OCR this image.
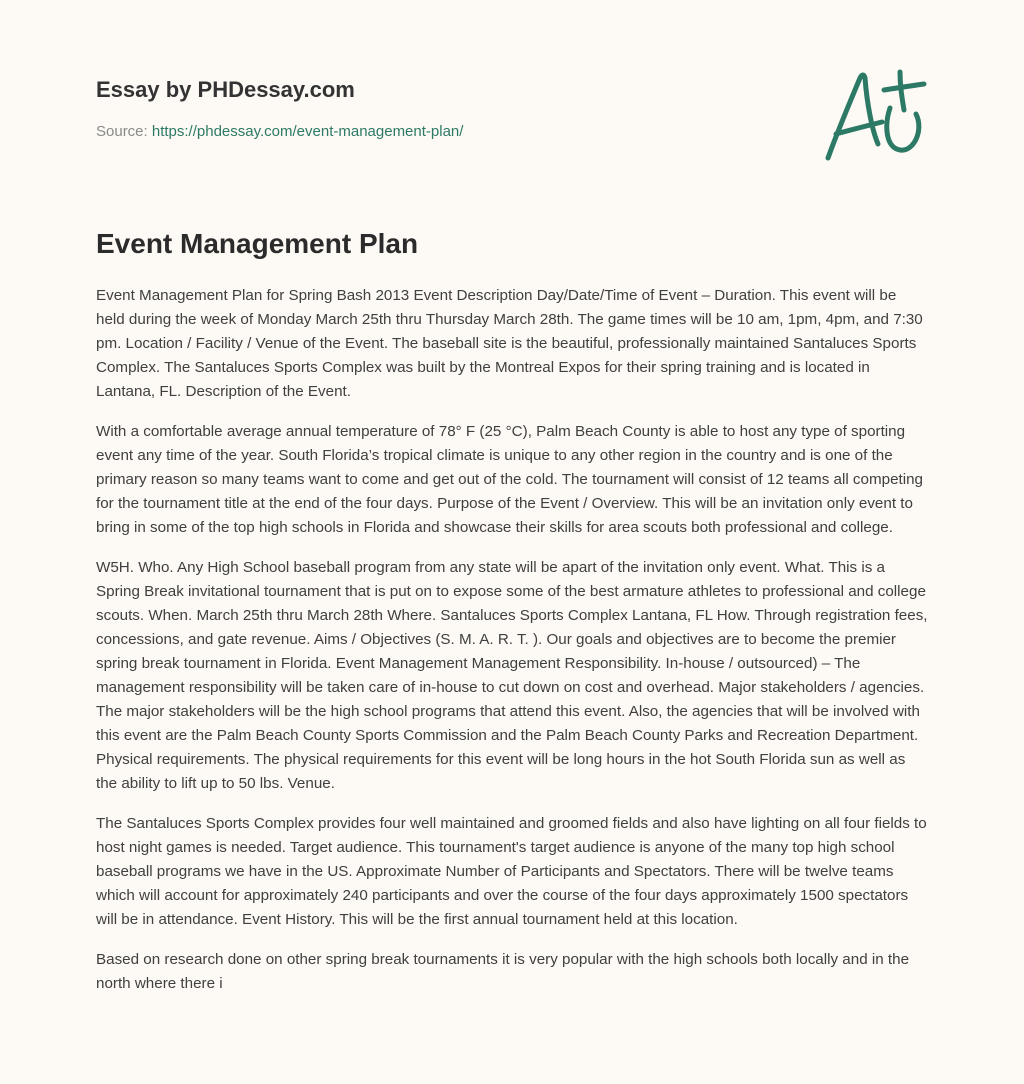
Essay by PHDessay.com
Source: https://phdessay.com/event-management-plan/
Event Management Plan

Event Management Plan for Spring Bash 2013 Event Description Day/Date/Time of Event – Duration. This event will be held during the week of Monday March 25th thru Thursday March 28th. The game times will be 10 am, 1pm, 4pm, and 7:30 pm. Location / Facility / Venue of the Event. The baseball site is the beautiful, professionally maintained Santaluces Sports Complex. The Santaluces Sports Complex was built by the Montreal Expos for their spring training and is located in Lantana, FL. Description of the Event.

With a comfortable average annual temperature of 78° F (25 °C), Palm Beach County is able to host any type of sporting event any time of the year. South Florida’s tropical climate is unique to any other region in the country and is one of the primary reason so many teams want to come and get out of the cold. The tournament will consist of 12 teams all competing for the tournament title at the end of the four days. Purpose of the Event / Overview. This will be an invitation only event to bring in some of the top high schools in Florida and showcase their skills for area scouts both professional and college.

W5H. Who. Any High School baseball program from any state will be apart of the invitation only event. What. This is a Spring Break invitational tournament that is put on to expose some of the best armature athletes to professional and college scouts. When. March 25th thru March 28th Where. Santaluces Sports Complex Lantana, FL How. Through registration fees, concessions, and gate revenue. Aims / Objectives (S. M. A. R. T. ). Our goals and objectives are to become the premier spring break tournament in Florida. Event Management Management Responsibility. In-house / outsourced) – The management responsibility will be taken care of in-house to cut down on cost and overhead. Major stakeholders / agencies. The major stakeholders will be the high school programs that attend this event. Also, the agencies that will be involved with this event are the Palm Beach County Sports Commission and the Palm Beach County Parks and Recreation Department. Physical requirements. The physical requirements for this event will be long hours in the hot South Florida sun as well as the ability to lift up to 50 lbs. Venue.

The Santaluces Sports Complex provides four well maintained and groomed fields and also have lighting on all four fields to host night games is needed. Target audience. This tournament's target audience is anyone of the many top high school baseball programs we have in the US. Approximate Number of Participants and Spectators. There will be twelve teams which will account for approximately 240 participants and over the course of the four days approximately 1500 spectators will be in attendance. Event History. This will be the first annual tournament held at this location.

Based on research done on other spring break tournaments it is very popular with the high schools both locally and in the north where there i
